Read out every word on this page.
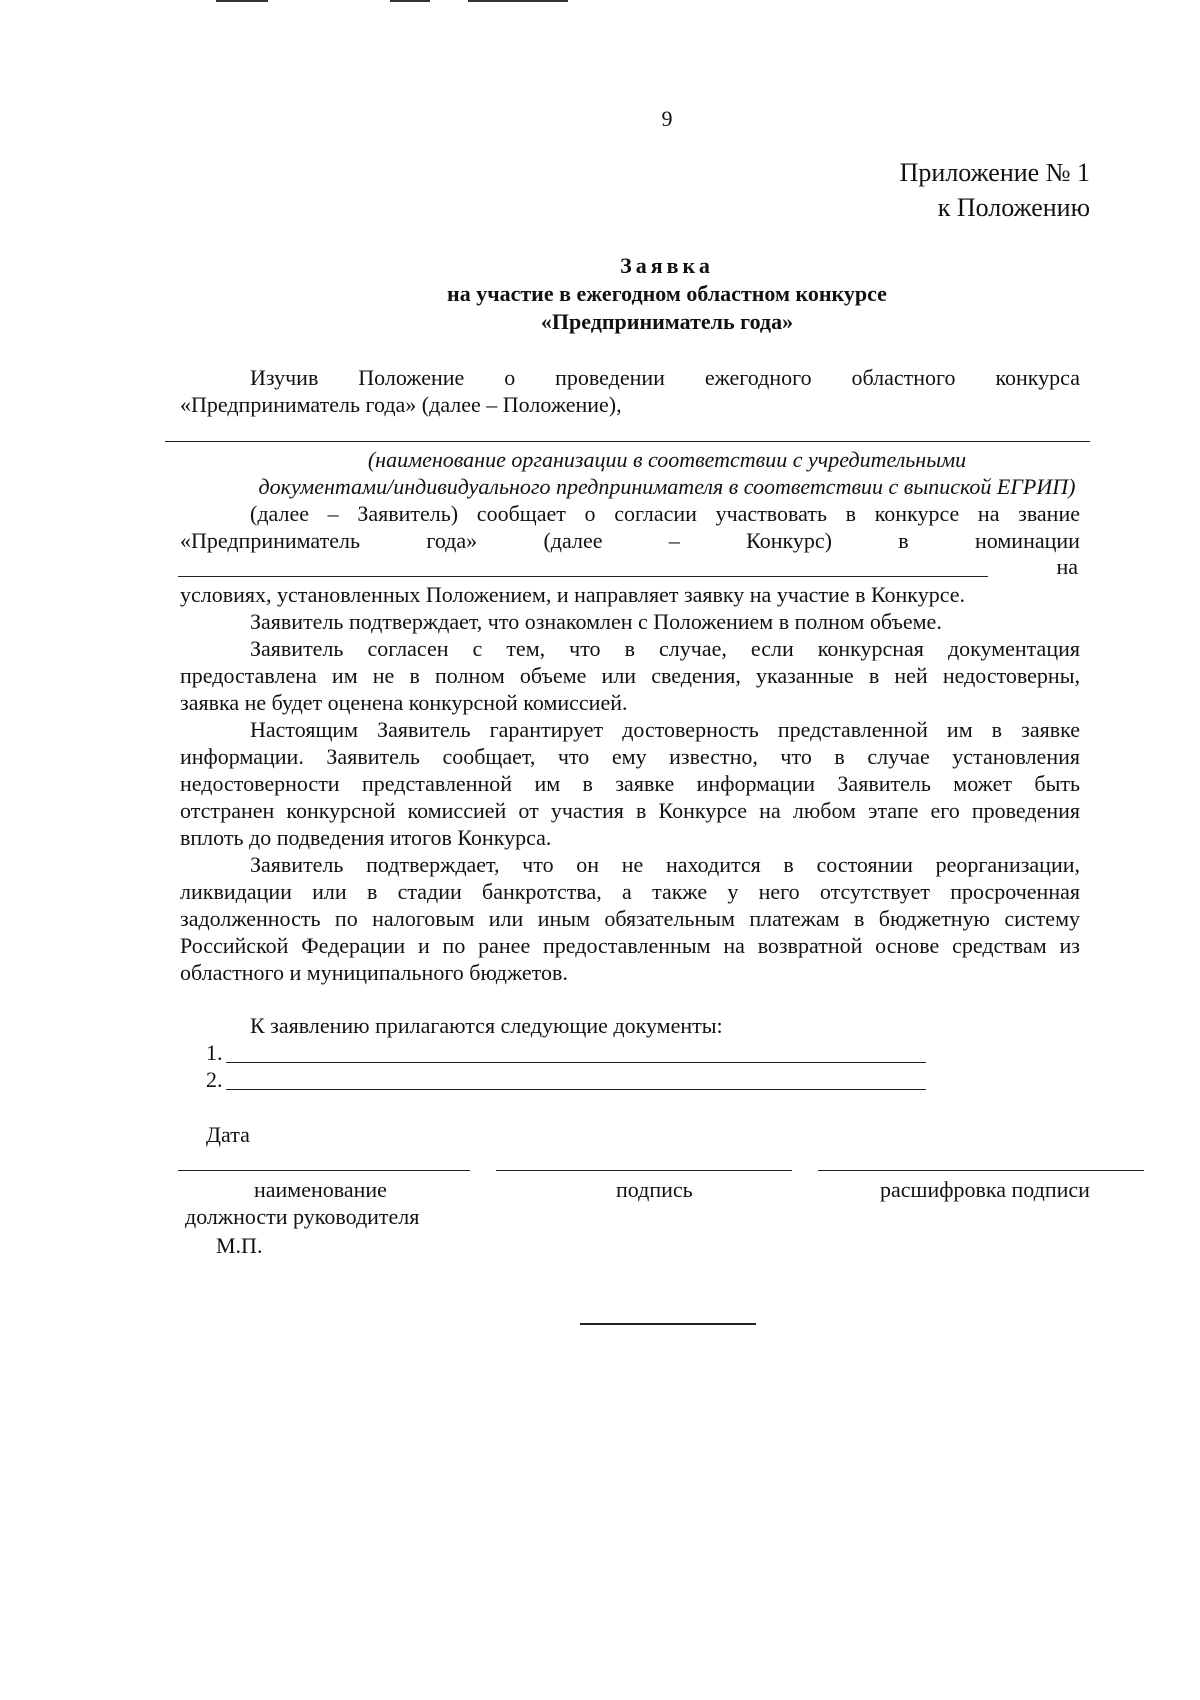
9
Приложение № 1
к Положению
Заявка
на участие в ежегодном областном конкурсе
«Предприниматель года»
Изучив Положение о проведении ежегодного областного конкурса
«Предприниматель года» (далее – Положение),
(наименование организации в соответствии с учредительными
документами/индивидуального предпринимателя в соответствии с выпиской ЕГРИП)
(далее – Заявитель) сообщает о согласии участвовать в конкурсе на звание
«Предприниматель	года»	(далее	–	Конкурс)	в	номинации
на
условиях, установленных Положением, и направляет заявку на участие в Конкурсе.
Заявитель подтверждает, что ознакомлен с Положением в полном объеме.
Заявитель согласен с тем, что в случае, если конкурсная документация
предоставлена им не в полном объеме или сведения, указанные в ней недостоверны,
заявка не будет оценена конкурсной комиссией.
Настоящим Заявитель гарантирует достоверность представленной им в заявке
информации. Заявитель сообщает, что ему известно, что в случае установления
недостоверности представленной им в заявке информации Заявитель может быть
отстранен конкурсной комиссией от участия в Конкурсе на любом этапе его проведения
вплоть до подведения итогов Конкурса.
Заявитель подтверждает, что он не находится в состоянии реорганизации,
ликвидации или в стадии банкротства, а также у него отсутствует просроченная
задолженность по налоговым или иным обязательным платежам в бюджетную систему
Российской Федерации и по ранее предоставленным на возвратной основе средствам из
областного и муниципального бюджетов.
К заявлению прилагаются следующие документы:
1.
2.
Дата
наименование
должности руководителя
подпись	расшифровка подписи
М.П.
